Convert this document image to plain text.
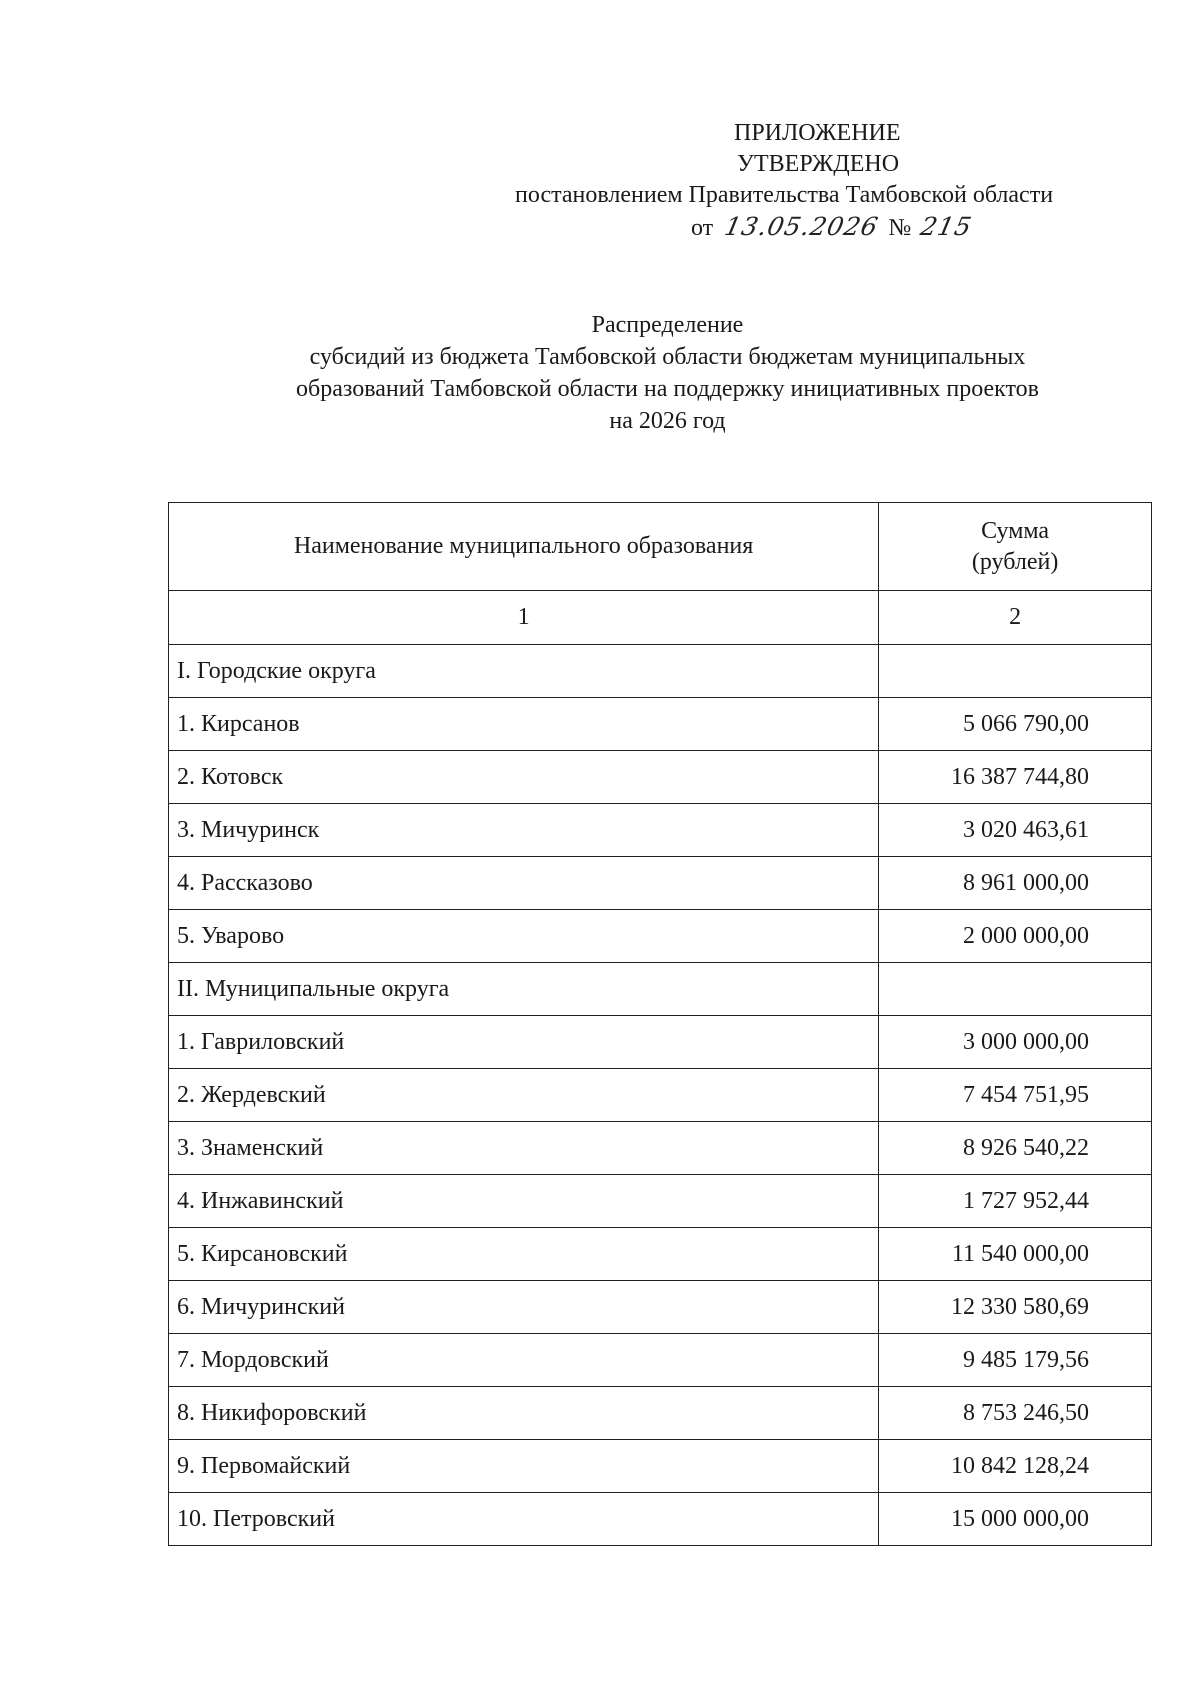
ПРИЛОЖЕНИЕ
УТВЕРЖДЕНО
постановлением Правительства Тамбовской области
от 13.05.2026 № 215
Распределение
субсидий из бюджета Тамбовской области бюджетам муниципальных
образований Тамбовской области на поддержку инициативных проектов
на 2026 год
Наименование муниципального образования	Сумма
(рублей)

1	2
I. Городские округа	
1. Кирсанов	5 066 790,00
2. Котовск	16 387 744,80
3. Мичуринск	3 020 463,61
4. Рассказово	8 961 000,00
5. Уварово	2 000 000,00
II. Муниципальные округа	
1. Гавриловский	3 000 000,00
2. Жердевский	7 454 751,95
3. Знаменский	8 926 540,22
4. Инжавинский	1 727 952,44
5. Кирсановский	11 540 000,00
6. Мичуринский	12 330 580,69
7. Мордовский	9 485 179,56
8. Никифоровский	8 753 246,50
9. Первомайский	10 842 128,24
10. Петровский	15 000 000,00
